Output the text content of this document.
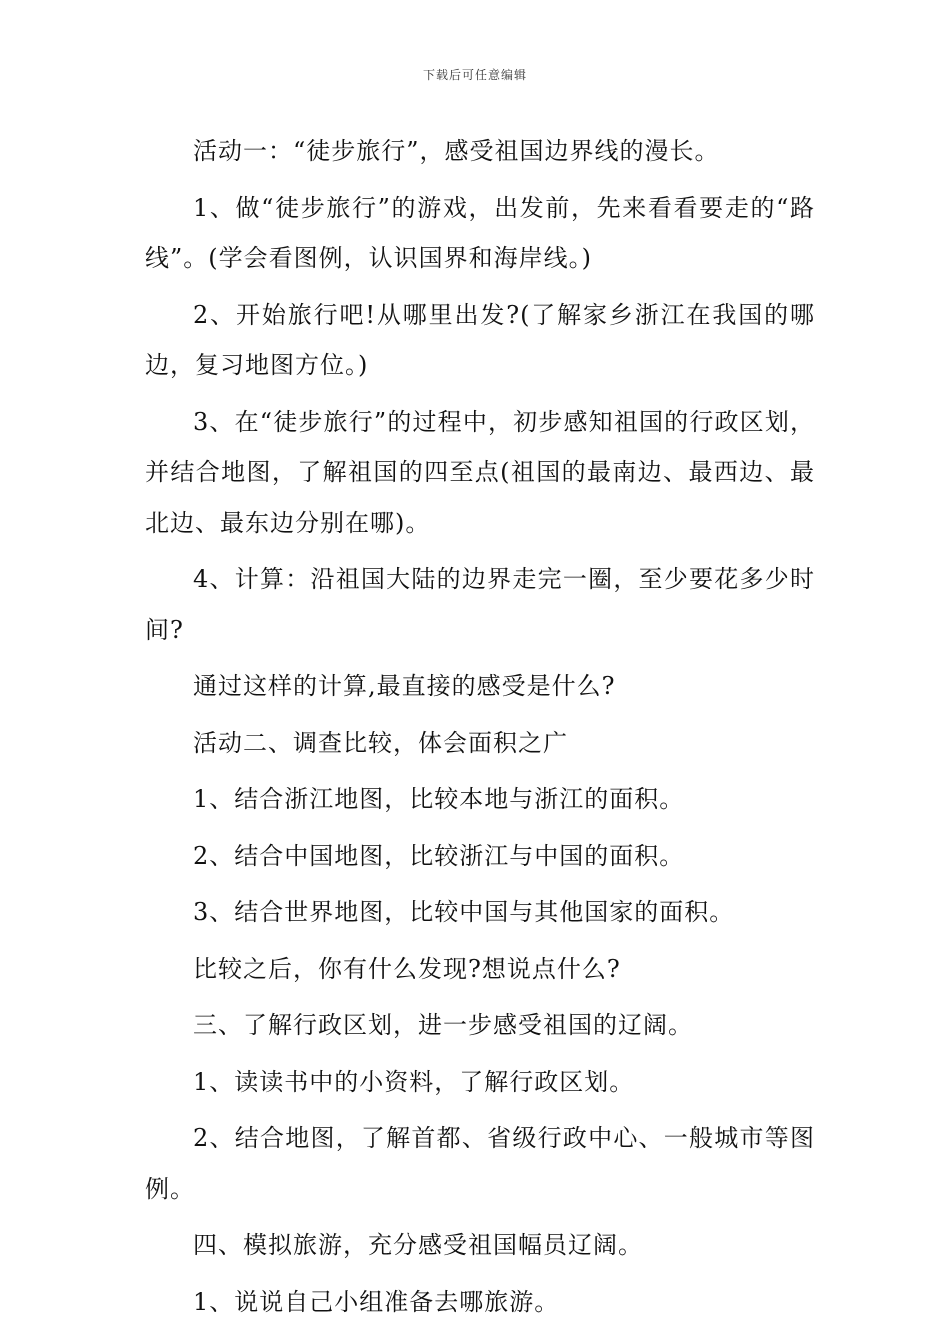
下载后可任意编辑

活动一：“徒步旅行”，感受祖国边界线的漫长。

1、做“徒步旅行”的游戏，出发前，先来看看要走的“路线”。(学会看图例，认识国界和海岸线。)

2、开始旅行吧!从哪里出发?(了解家乡浙江在我国的哪边，复习地图方位。)

3、在“徒步旅行”的过程中，初步感知祖国的行政区划，并结合地图，了解祖国的四至点(祖国的最南边、最西边、最北边、最东边分别在哪)。

4、计算：沿祖国大陆的边界走完一圈，至少要花多少时间?

通过这样的计算,最直接的感受是什么?

活动二、调查比较，体会面积之广

1、结合浙江地图，比较本地与浙江的面积。

2、结合中国地图，比较浙江与中国的面积。

3、结合世界地图，比较中国与其他国家的面积。

比较之后，你有什么发现?想说点什么?

三、了解行政区划，进一步感受祖国的辽阔。

1、读读书中的小资料，了解行政区划。

2、结合地图，了解首都、省级行政中心、一般城市等图例。

四、模拟旅游，充分感受祖国幅员辽阔。

1、说说自己小组准备去哪旅游。
